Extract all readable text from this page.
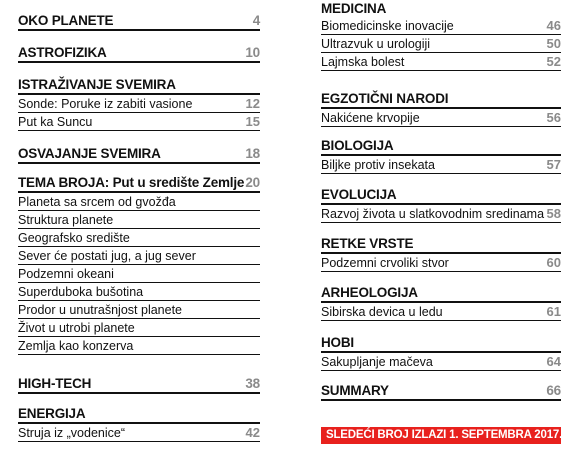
OKO PLANETE	4
ASTROFIZIKA	10
ISTRAŽIVANJE SVEMIRA
Sonde: Poruke iz zabiti vasione	12
Put ka Suncu	15
OSVAJANJE SVEMIRA	18
TEMA BROJA: Put u središte Zemlje 20
Planeta sa srcem od gvožđa
Struktura planete
Geografsko središte
Sever će postati jug, a jug sever
Podzemni okeani
Superduboka bušotina
Prodor u unutrašnjost planete
Život u utrobi planete
Zemlja kao konzerva
HIGH-TECH	38
ENERGIJA
Struja iz „vodenice“	42
MEDICINA
Biomedicinske inovacije	46
Ultrazvuk u urologiji	50
Lajmska bolest	52
EGZOTIČNI NARODI
Nakićene krvopije	56
BIOLOGIJA
Biljke protiv insekata	57
EVOLUCIJA
Razvoj života u slatkovodnim sredinama 58
RETKE VRSTE
Podzemni crvoliki stvor	60
ARHEOLOGIJA
Sibirska devica u ledu	61
HOBI
Sakupljanje mačeva	64
SUMMARY	66
SLEDEĆI BROJ IZLAZI 1. SEPTEMBRA 2017.
